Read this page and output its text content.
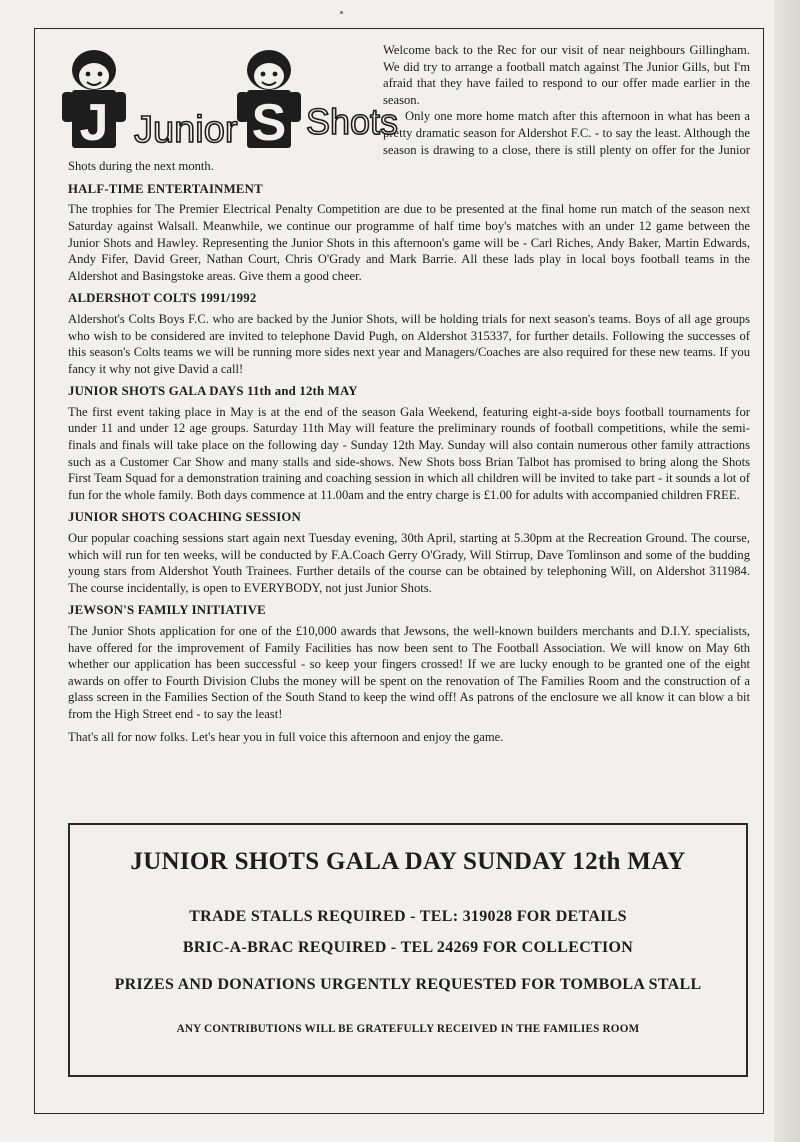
J Junior S Shots

Welcome back to the Rec for our visit of near neighbours Gillingham. We did try to arrange a football match against The Junior Gills, but I'm afraid that they have failed to respond to our offer made earlier in the season.

Only one more home match after this afternoon in what has been a pretty dramatic season for Aldershot F.C. - to say the least. Although the season is drawing to a close, there is still plenty on offer for the Junior Shots during the next month.

HALF-TIME ENTERTAINMENT

The trophies for The Premier Electrical Penalty Competition are due to be presented at the final home run match of the season next Saturday against Walsall. Meanwhile, we continue our programme of half time boy's matches with an under 12 game between the Junior Shots and Hawley. Representing the Junior Shots in this afternoon's game will be - Carl Riches, Andy Baker, Martin Edwards, Andy Fifer, David Greer, Nathan Court, Chris O'Grady and Mark Barrie. All these lads play in local boys football teams in the Aldershot and Basingstoke areas. Give them a good cheer.

ALDERSHOT COLTS 1991/1992

Aldershot's Colts Boys F.C. who are backed by the Junior Shots, will be holding trials for next season's teams. Boys of all age groups who wish to be considered are invited to telephone David Pugh, on Aldershot 315337, for further details. Following the successes of this season's Colts teams we will be running more sides next year and Managers/Coaches are also required for these new teams. If you fancy it why not give David a call!

JUNIOR SHOTS GALA DAYS 11th and 12th MAY

The first event taking place in May is at the end of the season Gala Weekend, featuring eight-a-side boys football tournaments for under 11 and under 12 age groups. Saturday 11th May will feature the preliminary rounds of football competitions, while the semi-finals and finals will take place on the following day - Sunday 12th May. Sunday will also contain numerous other family attractions such as a Customer Car Show and many stalls and side-shows. New Shots boss Brian Talbot has promised to bring along the Shots First Team Squad for a demonstration training and coaching session in which all children will be invited to take part - it sounds a lot of fun for the whole family. Both days commence at 11.00am and the entry charge is £1.00 for adults with accompanied children FREE.

JUNIOR SHOTS COACHING SESSION

Our popular coaching sessions start again next Tuesday evening, 30th April, starting at 5.30pm at the Recreation Ground. The course, which will run for ten weeks, will be conducted by F.A.Coach Gerry O'Grady, Will Stirrup, Dave Tomlinson and some of the budding young stars from Aldershot Youth Trainees. Further details of the course can be obtained by telephoning Will, on Aldershot 311984. The course incidentally, is open to EVERYBODY, not just Junior Shots.

JEWSON'S FAMILY INITIATIVE

The Junior Shots application for one of the £10,000 awards that Jewsons, the well-known builders merchants and D.I.Y. specialists, have offered for the improvement of Family Facilities has now been sent to The Football Association. We will know on May 6th whether our application has been successful - so keep your fingers crossed! If we are lucky enough to be granted one of the eight awards on offer to Fourth Division Clubs the money will be spent on the renovation of The Families Room and the construction of a glass screen in the Families Section of the South Stand to keep the wind off! As patrons of the enclosure we all know it can blow a bit from the High Street end - to say the least!

That's all for now folks. Let's hear you in full voice this afternoon and enjoy the game.

JUNIOR SHOTS GALA DAY SUNDAY 12th MAY
TRADE STALLS REQUIRED - TEL: 319028 FOR DETAILS
BRIC-A-BRAC REQUIRED - TEL 24269 FOR COLLECTION
PRIZES AND DONATIONS URGENTLY REQUESTED FOR TOMBOLA STALL
ANY CONTRIBUTIONS WILL BE GRATEFULLY RECEIVED IN THE FAMILIES ROOM
